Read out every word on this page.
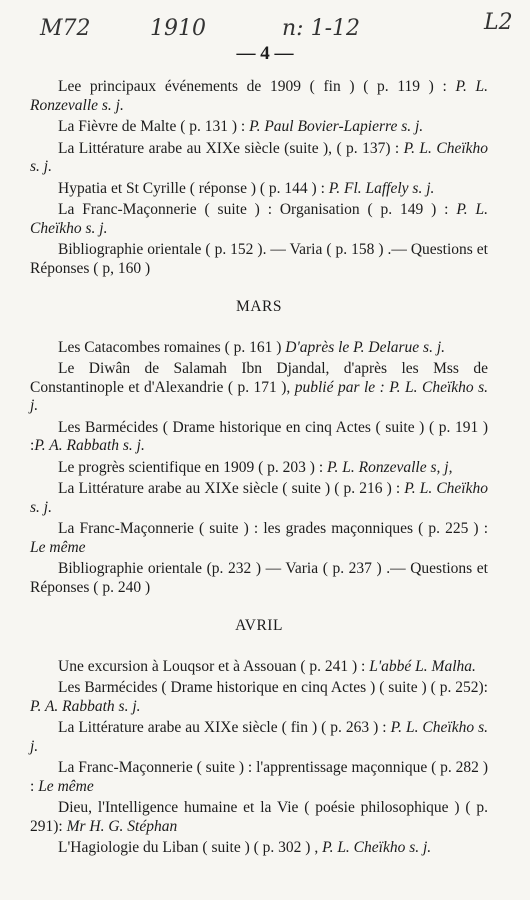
M72	1910	n: 1-12	L2
— 4 —

Lee principaux événements de 1909 ( fin ) ( p. 119 ) : P. L. Ronzevalle s. j.

La Fièvre de Malte ( p. 131 ) : P. Paul Bovier-Lapierre s. j.

La Littérature arabe au XIXe siècle (suite ), ( p. 137) : P. L. Cheïkho s. j.

Hypatia et St Cyrille ( réponse ) ( p. 144 ) : P. Fl. Laffely s. j.

La Franc-Maçonnerie ( suite ) : Organisation ( p. 149 ) : P. L. Cheïkho s. j.

Bibliographie orientale ( p. 152 ). — Varia ( p. 158 ) .— Questions et Réponses ( p, 160 )

MARS

Les Catacombes romaines ( p. 161 ) D'après le P. Delarue s. j.

Le Diwân de Salamah Ibn Djandal, d'après les Mss de Constantinople et d'Alexandrie ( p. 171 ), publié par le : P. L. Cheïkho s. j.

Les Barmécides ( Drame historique en cinq Actes ( suite ) ( p. 191 ) :P. A. Rabbath s. j.

Le progrès scientifique en 1909 ( p. 203 ) : P. L. Ronzevalle s, j,

La Littérature arabe au XIXe siècle ( suite ) ( p. 216 ) : P. L. Cheïkho s. j.

La Franc-Maçonnerie ( suite ) : les grades maçonniques ( p. 225 ) : Le même

Bibliographie orientale (p. 232 ) — Varia ( p. 237 ) .— Questions et Réponses ( p. 240 )

AVRIL

Une excursion à Louqsor et à Assouan ( p. 241 ) : L'abbé L. Malha.

Les Barmécides ( Drame historique en cinq Actes ) ( suite ) ( p. 252): P. A. Rabbath s. j.

La Littérature arabe au XIXe siècle ( fin ) ( p. 263 ) : P. L. Cheïkho s. j.

La Franc-Maçonnerie ( suite ) : l'apprentissage maçonnique ( p. 282 ) : Le même

Dieu, l'Intelligence humaine et la Vie ( poésie philosophique ) ( p. 291): Mr H. G. Stéphan

L'Hagiologie du Liban ( suite ) ( p. 302 ) , P. L. Cheïkho s. j.
